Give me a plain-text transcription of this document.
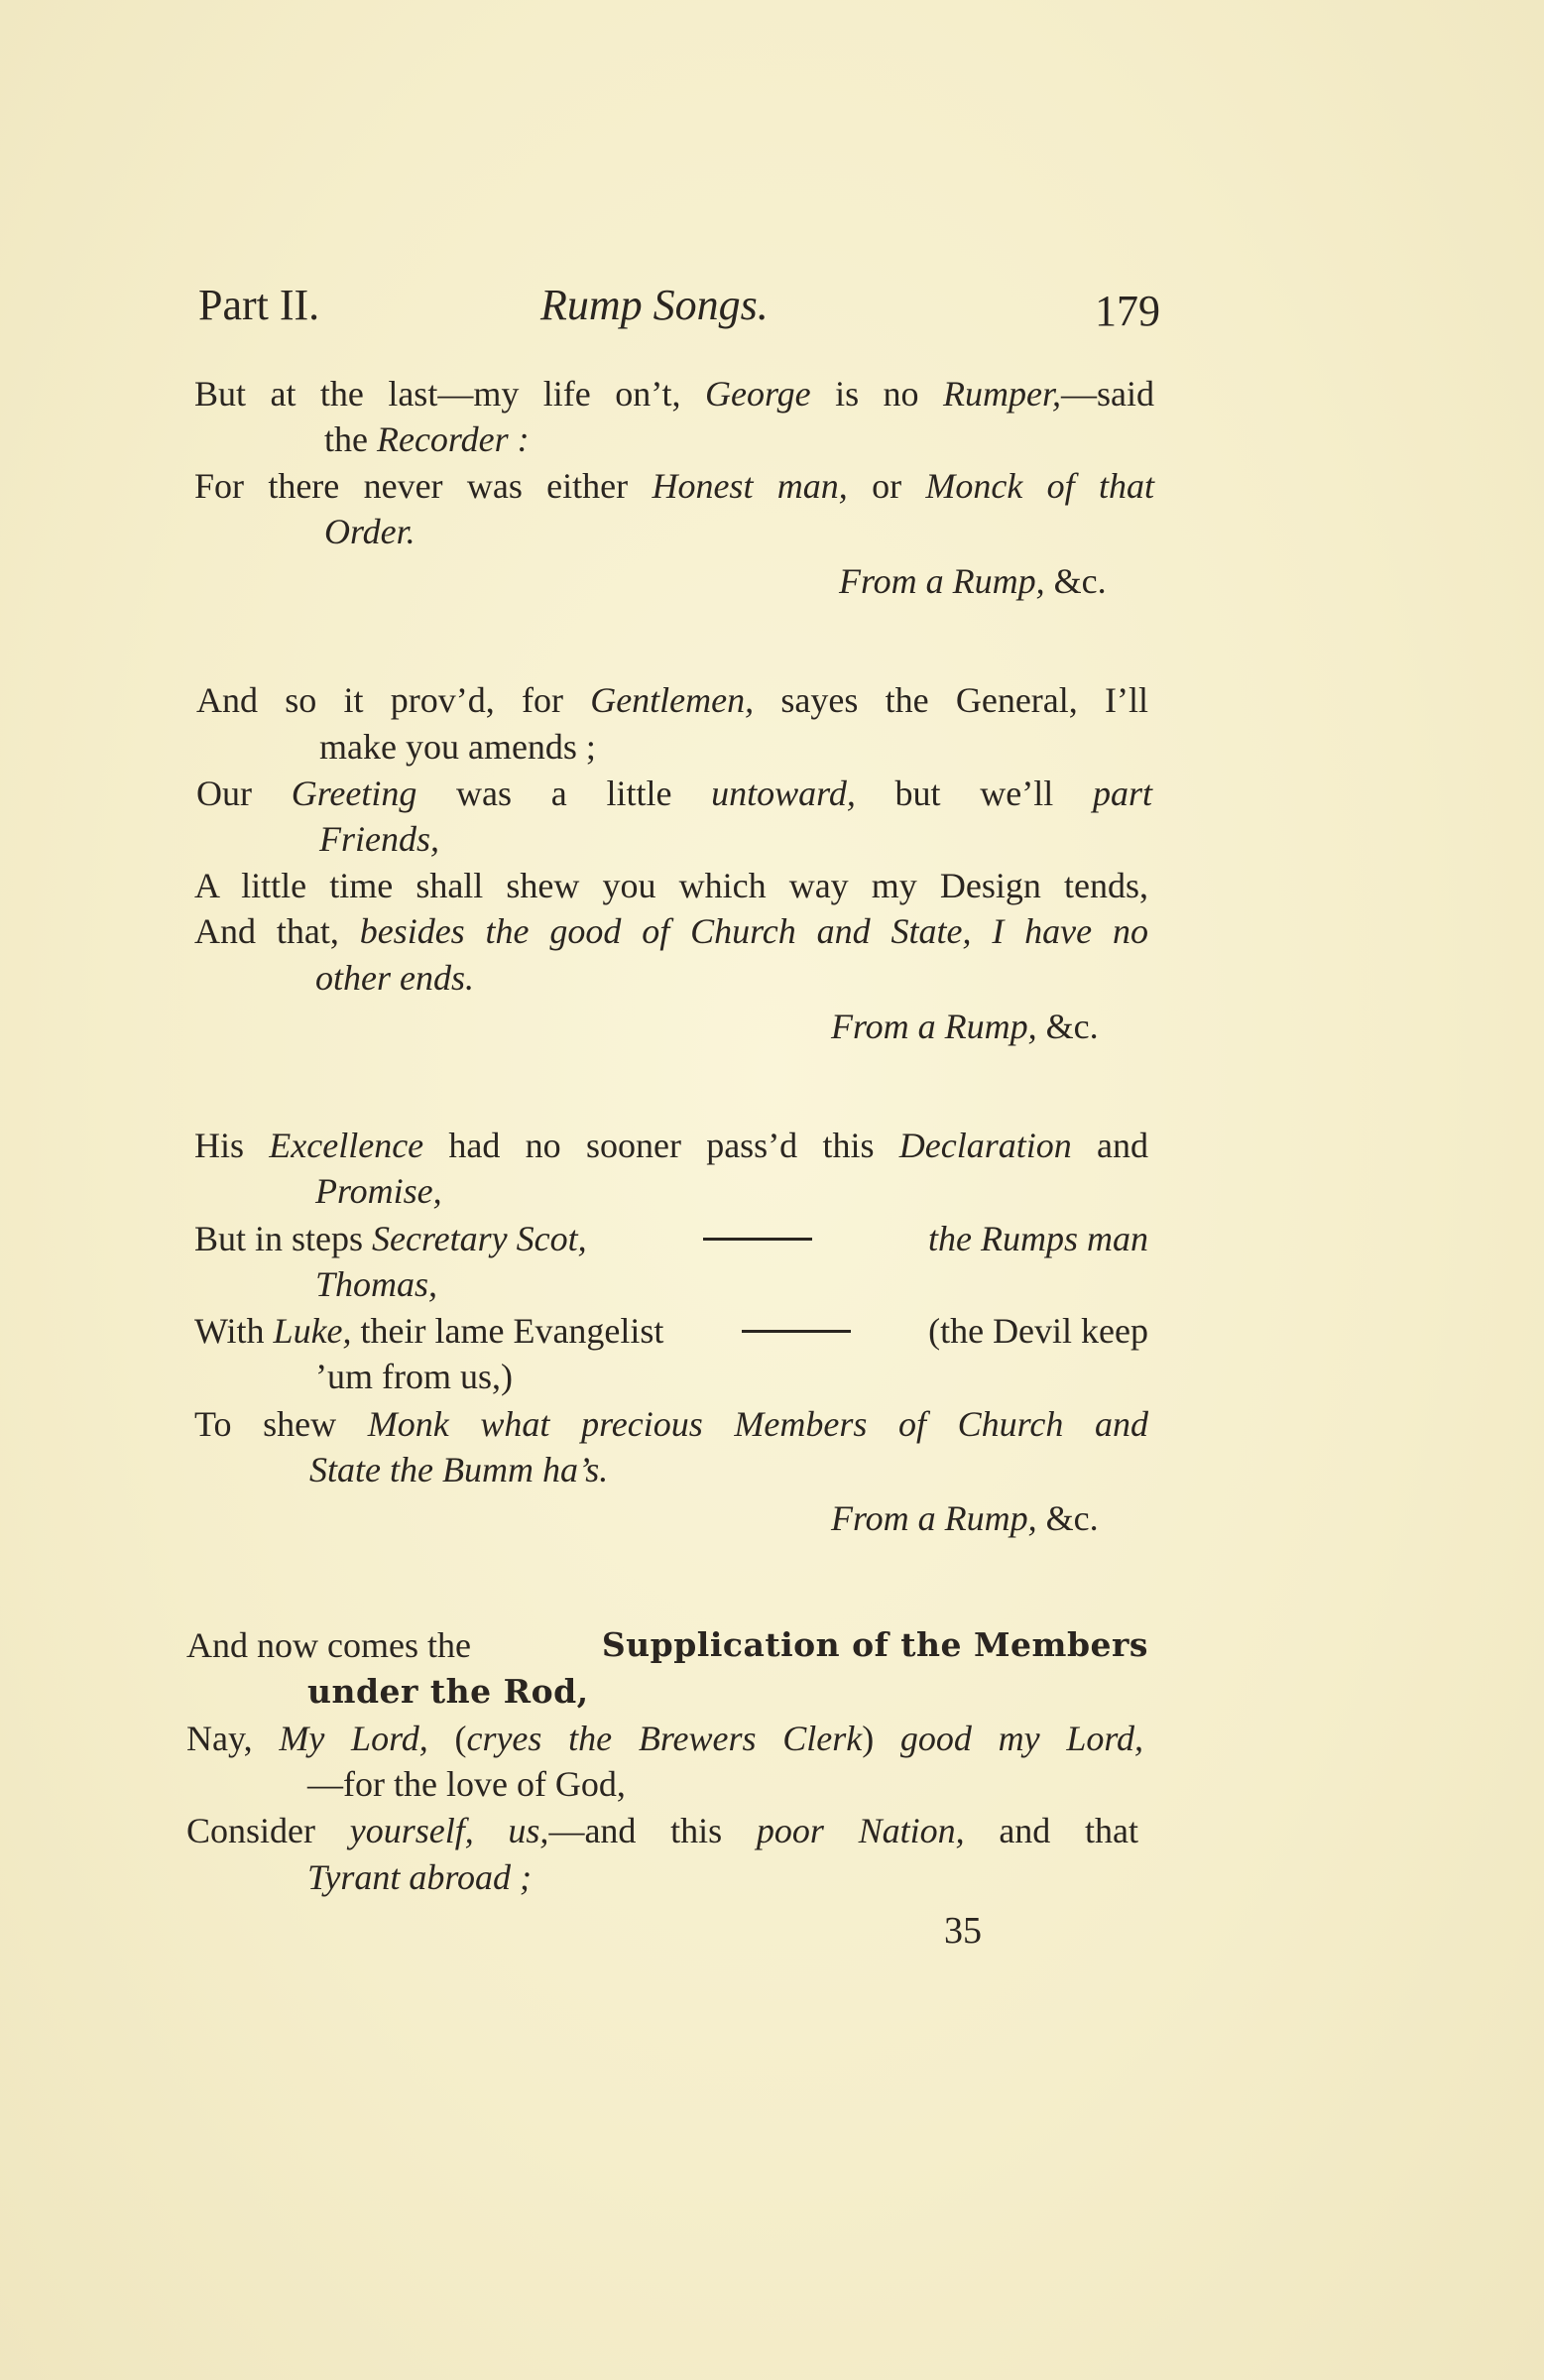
Part II.	Rump Songs.	179
But at the last—my life on’t, George is no Rumper,—said
the Recorder :
For there never was either Honest man, or Monck of that
Order.
From a Rump, &c.
And so it prov’d, for Gentlemen, sayes the General, I’ll
make you amends ;
Our Greeting was a little untoward, but we’ll part
Friends,
A little time shall shew you which way my Design tends,
And that, besides the good of Church and State, I have no
other ends.
From a Rump, &c.
His Excellence had no sooner pass’d this Declaration and
Promise,
But in steps Secretary Scot,	the Rumps man
Thomas,
With Luke, their lame Evangelist	(the Devil keep
’um from us,)
To shew Monk what precious Members of Church and
State the Bumm ha’s.
From a Rump, &c.
And now comes the	Supplication of the Members
under the Rod,
Nay, My Lord, (cryes the Brewers Clerk) good my Lord,
—for the love of God,
Consider yourself, us,—and this poor Nation, and that
Tyrant abroad ;
35
